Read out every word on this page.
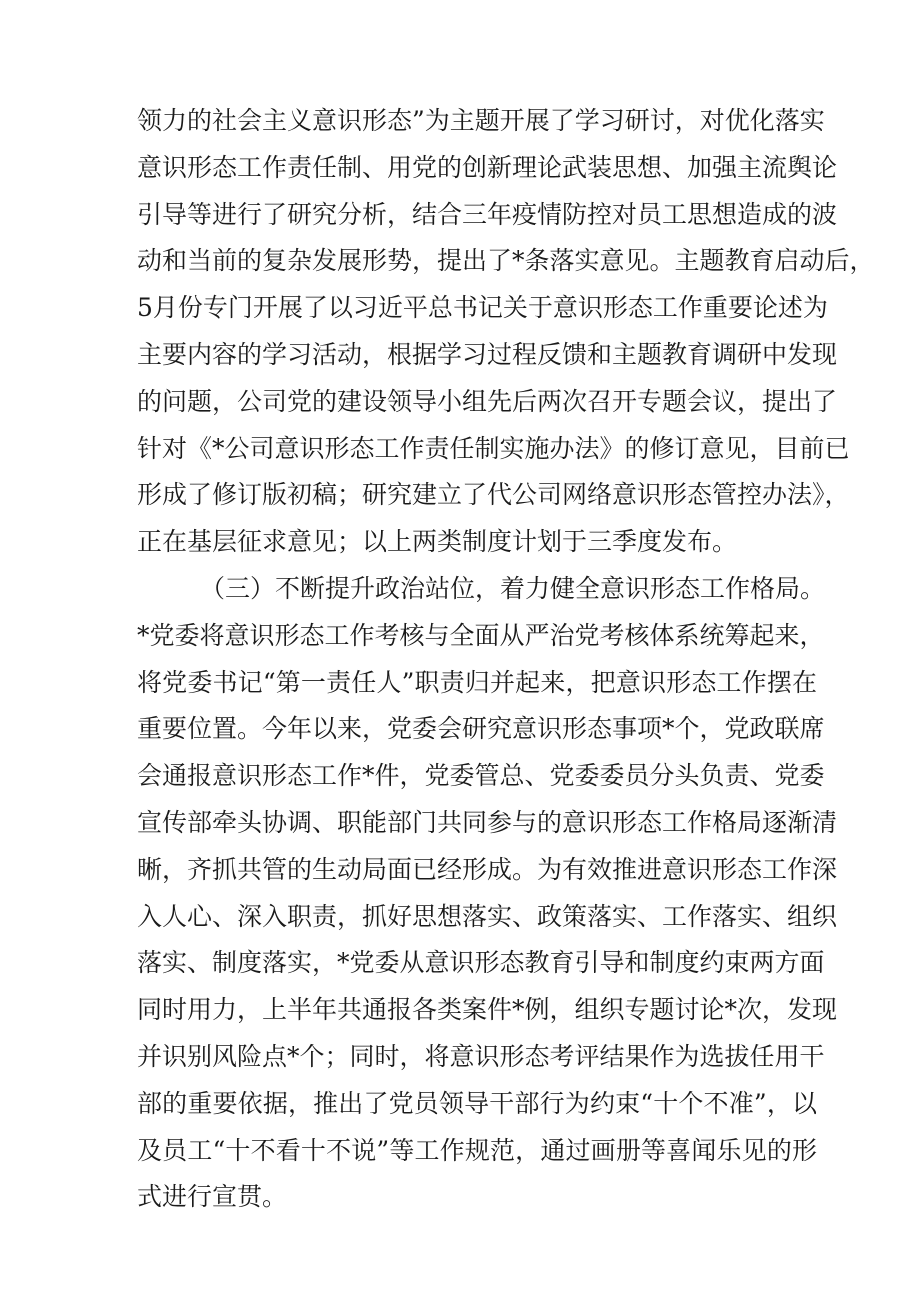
领力的社会主义意识形态”为主题开展了学习研讨，对优化落实
意识形态工作责任制、用党的创新理论武装思想、加强主流舆论
引导等进行了研究分析，结合三年疫情防控对员工思想造成的波
动和当前的复杂发展形势，提出了*条落实意见。主题教育启动后，
5月份专门开展了以习近平总书记关于意识形态工作重要论述为
主要内容的学习活动，根据学习过程反馈和主题教育调研中发现
的问题，公司党的建设领导小组先后两次召开专题会议，提出了
针对《*公司意识形态工作责任制实施办法》的修订意见，目前已
形成了修订版初稿；研究建立了代公司网络意识形态管控办法》，
正在基层征求意见；以上两类制度计划于三季度发布。
（三）不断提升政治站位，着力健全意识形态工作格局。
*党委将意识形态工作考核与全面从严治党考核体系统筹起来，
将党委书记“第一责任人”职责归并起来，把意识形态工作摆在
重要位置。今年以来，党委会研究意识形态事项*个，党政联席
会通报意识形态工作*件，党委管总、党委委员分头负责、党委
宣传部牵头协调、职能部门共同参与的意识形态工作格局逐渐清
晰，齐抓共管的生动局面已经形成。为有效推进意识形态工作深
入人心、深入职责，抓好思想落实、政策落实、工作落实、组织
落实、制度落实，*党委从意识形态教育引导和制度约束两方面
同时用力，上半年共通报各类案件*例，组织专题讨论*次，发现
并识别风险点*个；同时，将意识形态考评结果作为选拔任用干
部的重要依据，推出了党员领导干部行为约束“十个不准”，以
及员工“十不看十不说”等工作规范，通过画册等喜闻乐见的形
式进行宣贯。
